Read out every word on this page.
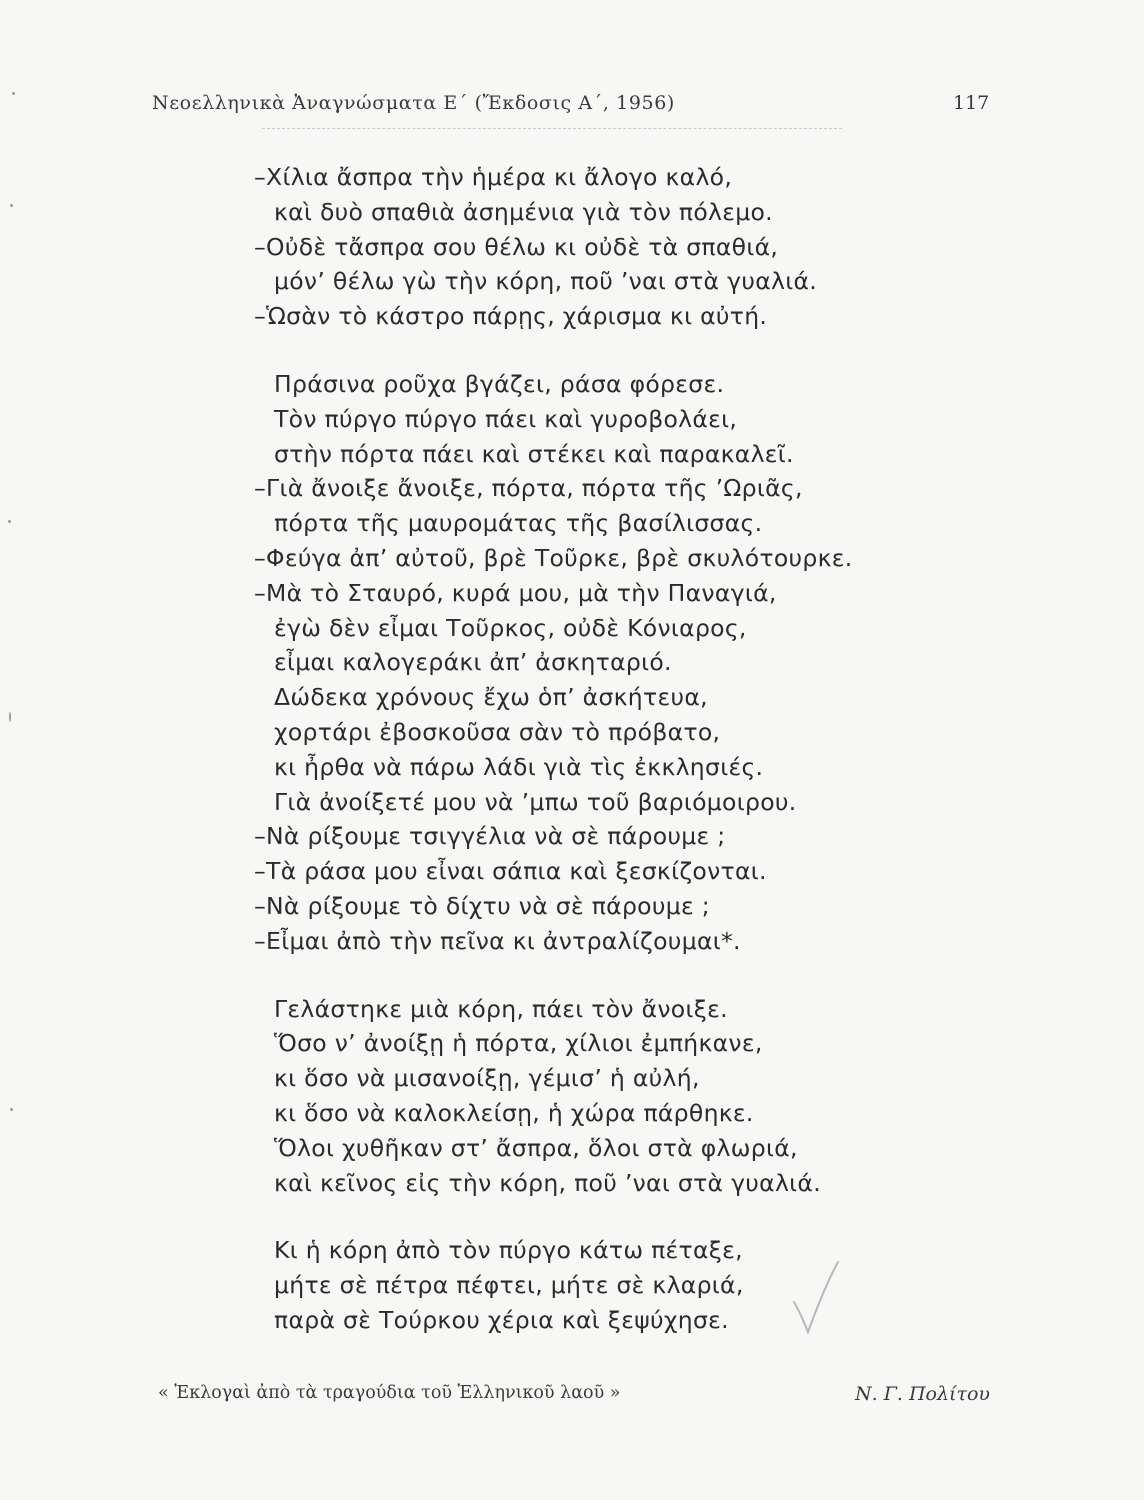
Νεοελληνικὰ Ἀναγνώσματα Ε΄ (Ἔκδοσις Α΄, 1956)	117
–Χίλια ἄσπρα τὴν ἡμέρα κι ἄλογο καλό,
καὶ δυὸ σπαθιὰ ἀσημένια γιὰ τὸν πόλεμο.
–Οὐδὲ τἄσπρα σου θέλω κι οὐδὲ τὰ σπαθιά,
μόν’ θέλω γὼ τὴν κόρη, ποῦ ’ναι στὰ γυαλιά.
–Ὡσὰν τὸ κάστρο πάρῃς, χάρισμα κι αὐτή.
Πράσινα ροῦχα βγάζει, ράσα φόρεσε.
Τὸν πύργο πύργο πάει καὶ γυροβολάει,
στὴν πόρτα πάει καὶ στέκει καὶ παρακαλεῖ.
–Γιὰ ἄνοιξε ἄνοιξε, πόρτα, πόρτα τῆς ’Ωριᾶς,
πόρτα τῆς μαυρομάτας τῆς βασίλισσας.
–Φεύγα ἀπ’ αὐτοῦ, βρὲ Τοῦρκε, βρὲ σκυλότουρκε.
–Μὰ τὸ Σταυρό, κυρά μου, μὰ τὴν Παναγιά,
ἐγὼ δὲν εἶμαι Τοῦρκος, οὐδὲ Κόνιαρος,
εἶμαι καλογεράκι ἀπ’ ἀσκηταριό.
Δώδεκα χρόνους ἔχω ὁπ’ ἀσκήτευα,
χορτάρι ἐβοσκοῦσα σὰν τὸ πρόβατο,
κι ἦρθα νὰ πάρω λάδι γιὰ τὶς ἐκκλησιές.
Γιὰ ἀνοίξετέ μου νὰ ’μπω τοῦ βαριόμοιρου.
–Νὰ ρίξουμε τσιγγέλια νὰ σὲ πάρουμε ;
–Τὰ ράσα μου εἶναι σάπια καὶ ξεσκίζονται.
–Νὰ ρίξουμε τὸ δίχτυ νὰ σὲ πάρουμε ;
–Εἶμαι ἀπὸ τὴν πεῖνα κι ἀντραλίζουμαι*.
Γελάστηκε μιὰ κόρη, πάει τὸν ἄνοιξε.
Ὅσο ν’ ἀνοίξῃ ἡ πόρτα, χίλιοι ἐμπήκανε,
κι ὅσο νὰ μισανοίξῃ, γέμισ’ ἡ αὐλή,
κι ὅσο νὰ καλοκλείσῃ, ἡ χώρα πάρθηκε.
Ὅλοι χυθῆκαν στ’ ἄσπρα, ὅλοι στὰ φλωριά,
καὶ κεῖνος εἰς τὴν κόρη, ποῦ ’ναι στὰ γυαλιά.
Κι ἡ κόρη ἀπὸ τὸν πύργο κάτω πέταξε,
μήτε σὲ πέτρα πέφτει, μήτε σὲ κλαριά,
παρὰ σὲ Τούρκου χέρια καὶ ξεψύχησε.
« Ἐκλογαὶ ἀπὸ τὰ τραγούδια τοῦ Ἑλληνικοῦ λαοῦ »	Ν. Γ. Πολίτου
